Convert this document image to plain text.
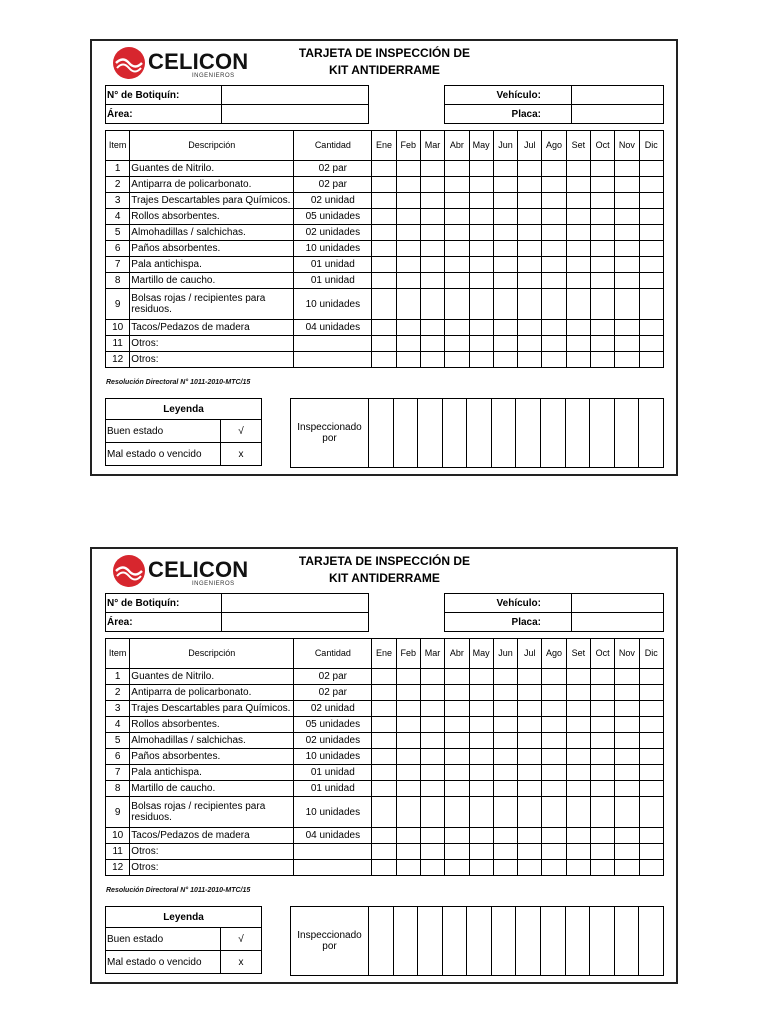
CELICON
INGENIEROS
TARJETA DE INSPECCIÓN DE
KIT ANTIDERRAME
N° de Botiquín:	
Área:	
Vehículo:	
Placa:	
Item	Descripción	Cantidad	Ene	Feb	Mar	Abr	May	Jun	Jul	Ago	Set	Oct	Nov	Dic
1	Guantes de Nitrilo.	02 par												
2	Antiparra de policarbonato.	02 par												
3	Trajes Descartables para Químicos.	02 unidad												
4	Rollos absorbentes.	05 unidades												
5	Almohadillas / salchichas.	02 unidades												
6	Paños absorbentes.	10 unidades												
7	Pala antichispa.	01 unidad												
8	Martillo de caucho.	01 unidad												
9	Bolsas rojas / recipientes para residuos.	10 unidades												
10	Tacos/Pedazos de madera	04 unidades												
11	Otros:													
12	Otros:													
Resolución Directoral N° 1011-2010-MTC/15
Leyenda	
Buen estado	√
Mal estado o vencido	x
Inspeccionado por												
CELICON
INGENIEROS
TARJETA DE INSPECCIÓN DE
KIT ANTIDERRAME
N° de Botiquín:	
Área:	
Vehículo:	
Placa:	
Item	Descripción	Cantidad	Ene	Feb	Mar	Abr	May	Jun	Jul	Ago	Set	Oct	Nov	Dic
1	Guantes de Nitrilo.	02 par												
2	Antiparra de policarbonato.	02 par												
3	Trajes Descartables para Químicos.	02 unidad												
4	Rollos absorbentes.	05 unidades												
5	Almohadillas / salchichas.	02 unidades												
6	Paños absorbentes.	10 unidades												
7	Pala antichispa.	01 unidad												
8	Martillo de caucho.	01 unidad												
9	Bolsas rojas / recipientes para residuos.	10 unidades												
10	Tacos/Pedazos de madera	04 unidades												
11	Otros:													
12	Otros:													
Resolución Directoral N° 1011-2010-MTC/15
Leyenda	
Buen estado	√
Mal estado o vencido	x
Inspeccionado por												
